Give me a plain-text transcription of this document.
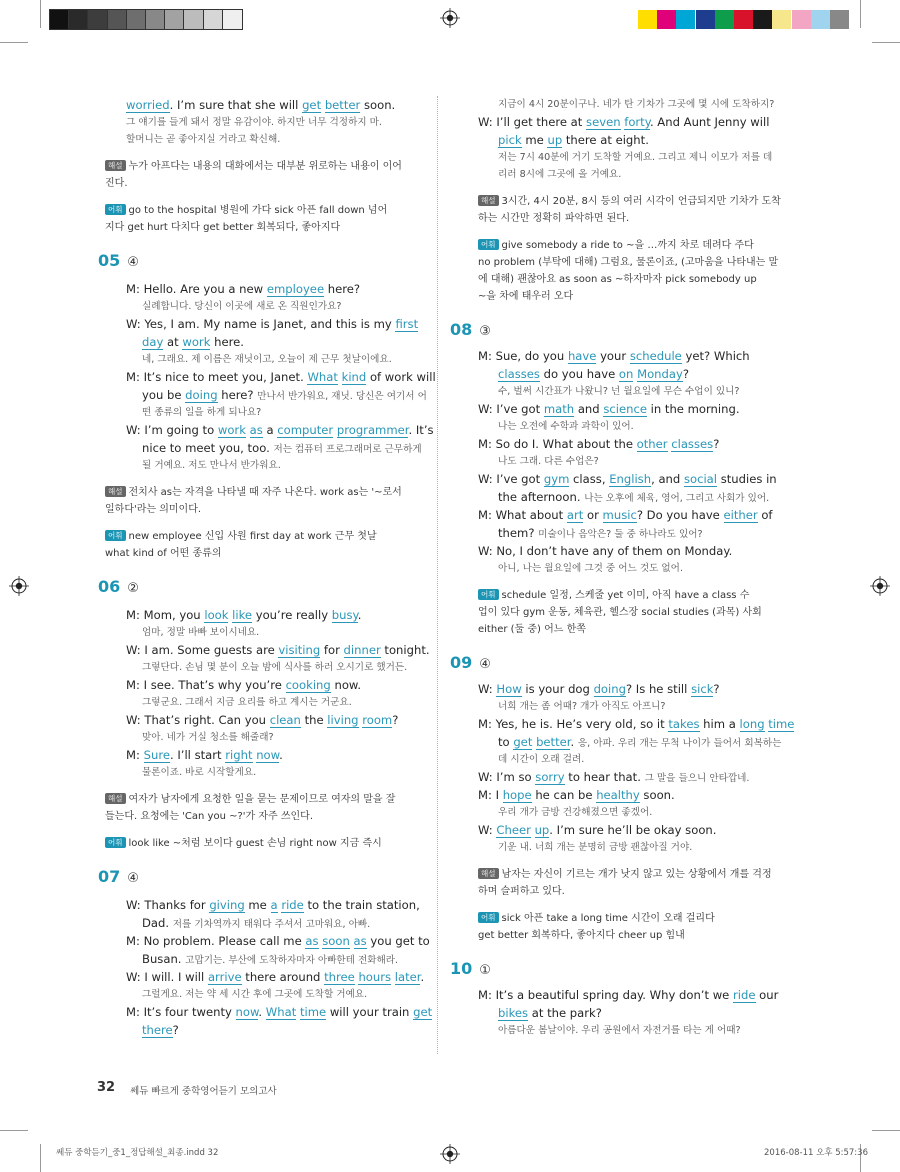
worried. I’m sure that she will get better soon.
그 얘기를 들게 돼서 정말 유감이야. 하지만 너무 걱정하지 마.
할머니는 곧 좋아지실 거라고 확신해.
해설 누가 아프다는 내용의 대화에서는 대부분 위로하는 내용이 이어
진다.
어휘 go to the hospital 병원에 가다 sick 아픈 fall down 넘어
지다 get hurt 다치다 get better 회복되다, 좋아지다
05 ④
M: Hello. Are you a new employee here?
실례합니다. 당신이 이곳에 새로 온 직원인가요?
W: Yes, I am. My name is Janet, and this is my first
day at work here.
네, 그래요. 제 이름은 재닛이고, 오늘이 제 근무 첫날이에요.
M: It’s nice to meet you, Janet. What kind of work will
you be doing here? 만나서 반가워요, 재닛. 당신은 여기서 어
떤 종류의 일을 하게 되나요?
W: I’m going to work as a computer programmer. It’s
nice to meet you, too. 저는 컴퓨터 프로그래머로 근무하게
될 거예요. 저도 만나서 반가워요.
해설 전치사 as는 자격을 나타낼 때 자주 나온다. work as는 '~로서
일하다'라는 의미이다.
어휘 new employee 신입 사원 first day at work 근무 첫날
what kind of 어떤 종류의
06 ②
M: Mom, you look like you’re really busy.
엄마, 정말 바빠 보이시네요.
W: I am. Some guests are visiting for dinner tonight.
그렇단다. 손님 몇 분이 오늘 밤에 식사를 하러 오시기로 했거든.
M: I see. That’s why you’re cooking now.
그렇군요. 그래서 지금 요리를 하고 계시는 거군요.
W: That’s right. Can you clean the living room?
맞아. 네가 거실 청소를 해줄래?
M: Sure. I’ll start right now.
물론이죠. 바로 시작할게요.
해설 여자가 남자에게 요청한 일을 묻는 문제이므로 여자의 말을 잘
들는다. 요청에는 'Can you ~?'가 자주 쓰인다.
어휘 look like ~처럼 보이다 guest 손님 right now 지금 즉시
07 ④
W: Thanks for giving me a ride to the train station,
Dad. 저를 기차역까지 태워다 주셔서 고마워요, 아빠.
M: No problem. Please call me as soon as you get to
Busan. 고맙기는. 부산에 도착하자마자 아빠한테 전화해라.
W: I will. I will arrive there around three hours later.
그럴게요. 저는 약 세 시간 후에 그곳에 도착할 거예요.
M: It’s four twenty now. What time will your train get
there?
지금이 4시 20분이구나. 네가 탄 기차가 그곳에 몇 시에 도착하지?
W: I’ll get there at seven forty. And Aunt Jenny will
pick me up there at eight.
저는 7시 40분에 거기 도착할 거예요. 그리고 제니 이모가 저를 데
리러 8시에 그곳에 올 거예요.
해설 3시간, 4시 20분, 8시 등의 여러 시각이 언급되지만 기차가 도착
하는 시간만 정확히 파악하면 된다.
어휘 give somebody a ride to ~을 …까지 차로 데려다 주다
no problem (부탁에 대해) 그럼요, 물론이죠, (고마움을 나타내는 말
에 대해) 괜찮아요 as soon as ~하자마자 pick somebody up
~을 차에 태우러 오다
08 ③
M: Sue, do you have your schedule yet? Which
classes do you have on Monday?
수, 벌써 시간표가 나왔니? 넌 월요일에 무슨 수업이 있니?
W: I’ve got math and science in the morning.
나는 오전에 수학과 과학이 있어.
M: So do I. What about the other classes?
나도 그래. 다른 수업은?
W: I’ve got gym class, English, and social studies in
the afternoon. 나는 오후에 체육, 영어, 그리고 사회가 있어.
M: What about art or music? Do you have either of
them? 미술이나 음악은? 둘 중 하나라도 있어?
W: No, I don’t have any of them on Monday.
아니, 나는 월요일에 그것 중 어느 것도 없어.
어휘 schedule 일정, 스케줄 yet 이미, 아직 have a class 수
업이 있다 gym 운동, 체육관, 헬스장 social studies (과목) 사회
either (둘 중) 어느 한쪽
09 ④
W: How is your dog doing? Is he still sick?
너희 개는 좀 어때? 개가 아직도 아프니?
M: Yes, he is. He’s very old, so it takes him a long time
to get better. 응, 아파. 우리 개는 무척 나이가 들어서 회복하는
데 시간이 오래 걸려.
W: I’m so sorry to hear that. 그 말을 들으니 안타깝네.
M: I hope he can be healthy soon.
우리 개가 금방 건강해졌으면 좋겠어.
W: Cheer up. I’m sure he’ll be okay soon.
기운 내. 너희 개는 분명히 금방 괜찮아질 거야.
해설 남자는 자신이 기르는 개가 낫지 않고 있는 상황에서 개를 걱정
하며 슬퍼하고 있다.
어휘 sick 아픈 take a long time 시간이 오래 걸리다
get better 회복하다, 좋아지다 cheer up 힘내
10 ①
M: It’s a beautiful spring day. Why don’t we ride our
bikes at the park?
아름다운 봄날이야. 우리 공원에서 자전거를 타는 게 어때?
32 쎄듀 빠르게 중학영어듣기 모의고사
쎄듀 중학듣기_중1_정답해설_최종.indd 32	2016-08-11 오후 5:57:36
